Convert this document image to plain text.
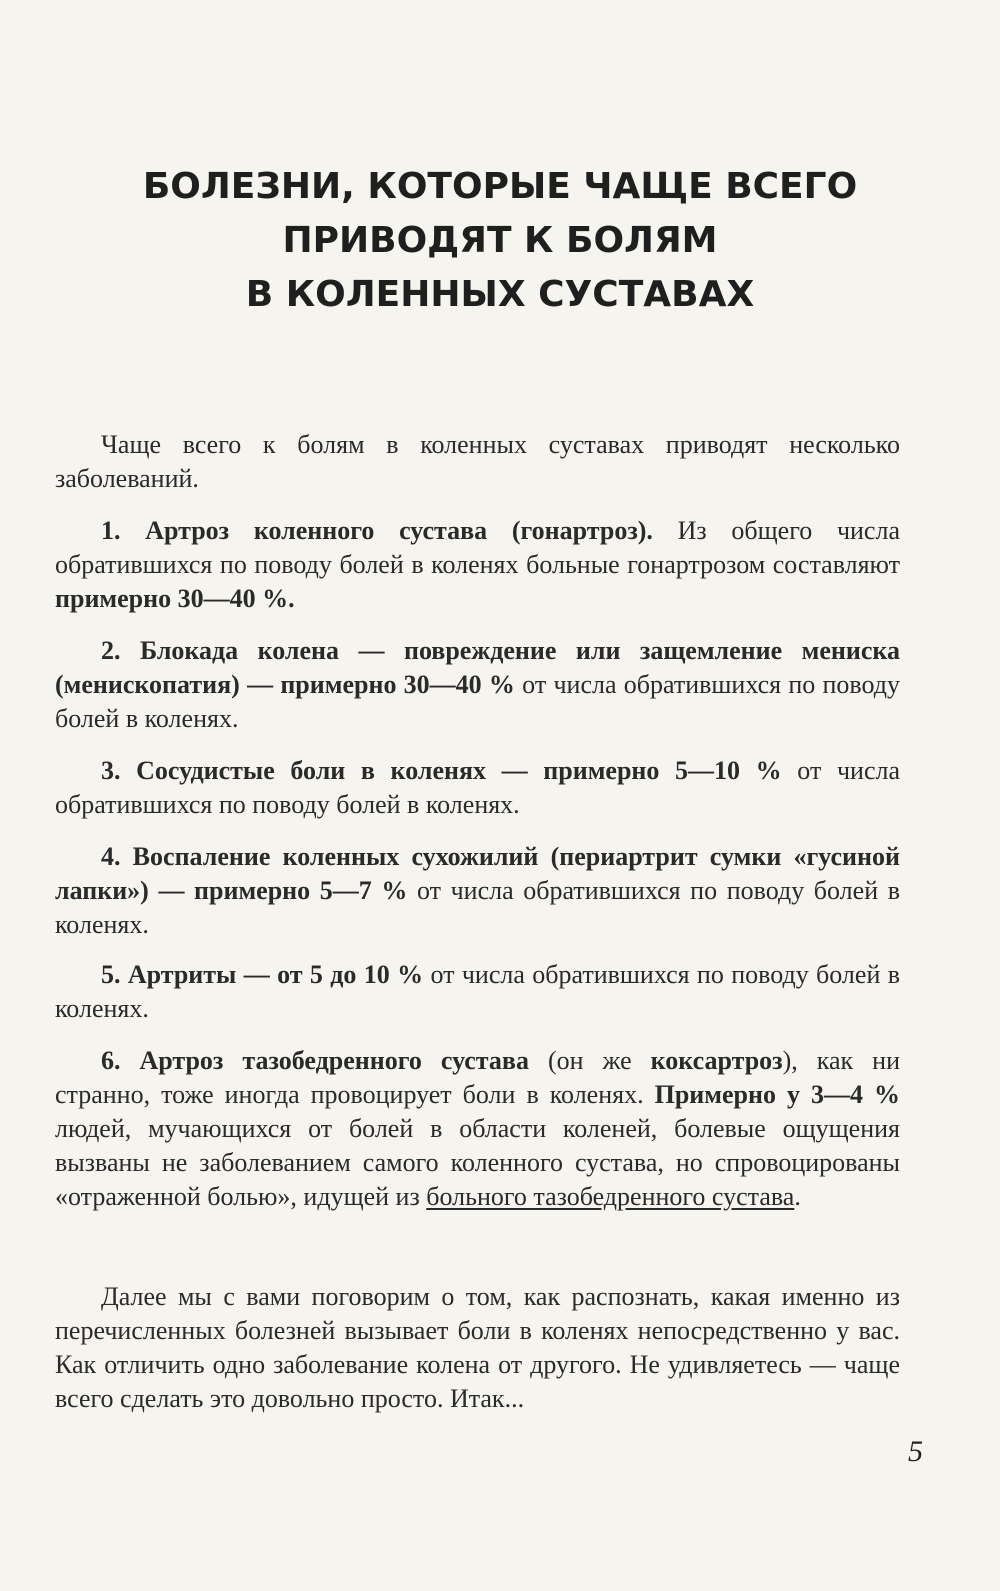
БОЛЕЗНИ, КОТОРЫЕ ЧАЩЕ ВСЕГО
ПРИВОДЯТ К БОЛЯМ
В КОЛЕННЫХ СУСТАВАХ

Чаще всего к болям в коленных суставах приводят несколько заболеваний.

1. Артроз коленного сустава (гонартроз). Из общего числа обратившихся по поводу болей в коленях больные гонартрозом составляют примерно 30—40 %.

2. Блокада колена — повреждение или защемление мениска (менископатия) — примерно 30—40 % от числа обратившихся по поводу болей в коленях.

3. Сосудистые боли в коленях — примерно 5—10 % от числа обратившихся по поводу болей в коленях.

4. Воспаление коленных сухожилий (периартрит сумки «гусиной лапки») — примерно 5—7 % от числа обратившихся по поводу болей в коленях.

5. Артриты — от 5 до 10 % от числа обратившихся по поводу болей в коленях.

6. Артроз тазобедренного сустава (он же коксартроз), как ни странно, тоже иногда провоцирует боли в коленях. Примерно у 3—4 % людей, мучающихся от болей в области коленей, болевые ощущения вызваны не заболеванием самого коленного сустава, но спровоцированы «отраженной болью», идущей из больного тазобедренного сустава.

Далее мы с вами поговорим о том, как распознать, какая именно из перечисленных болезней вызывает боли в коленях непосредственно у вас. Как отличить одно заболевание колена от другого. Не удивляетесь — чаще всего сделать это довольно просто. Итак...

5
